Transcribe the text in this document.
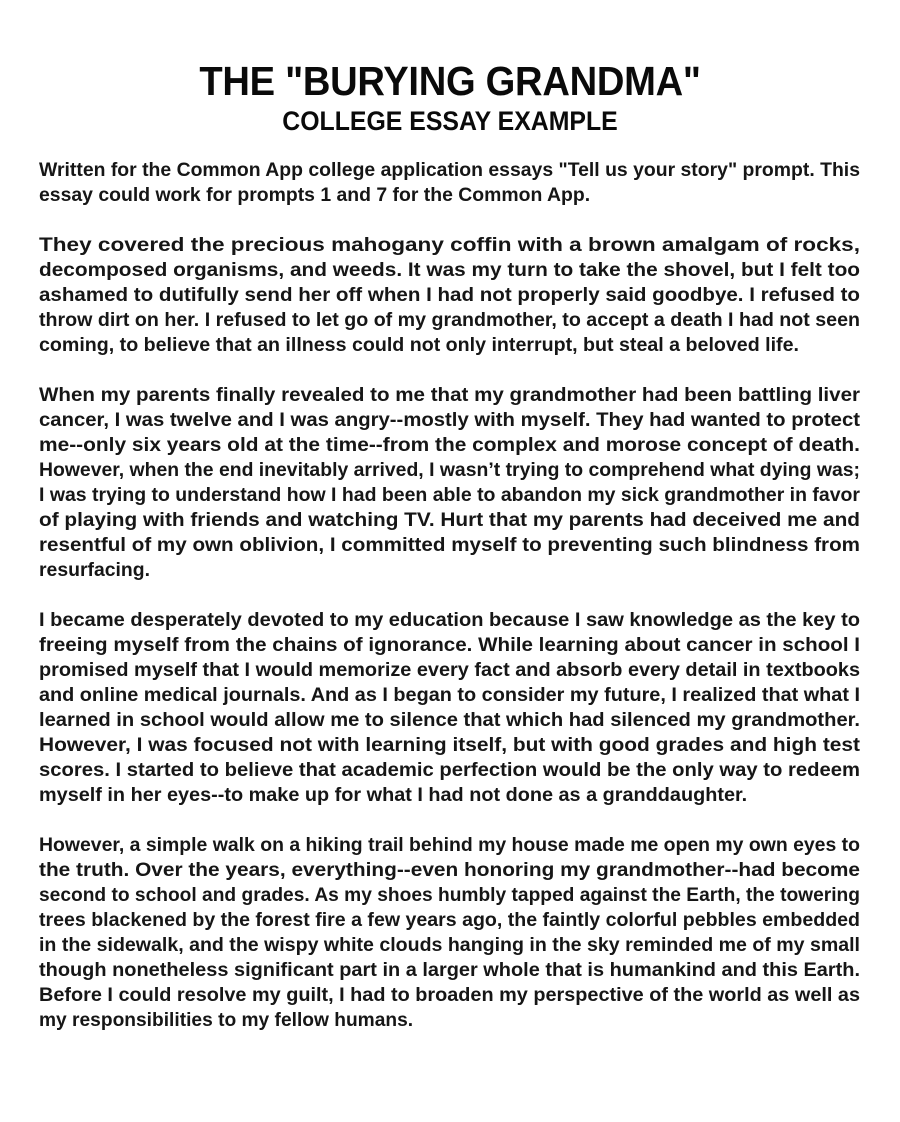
THE "BURYING GRANDMA"
COLLEGE ESSAY EXAMPLE
Written for the Common App college application essays "Tell us your story" prompt. This
essay could work for prompts 1 and 7 for the Common App.
They covered the precious mahogany coffin with a brown amalgam of rocks,
decomposed organisms, and weeds. It was my turn to take the shovel, but I felt too
ashamed to dutifully send her off when I had not properly said goodbye. I refused to
throw dirt on her. I refused to let go of my grandmother, to accept a death I had not seen
coming, to believe that an illness could not only interrupt, but steal a beloved life.
When my parents finally revealed to me that my grandmother had been battling liver
cancer, I was twelve and I was angry--mostly with myself. They had wanted to protect
me--only six years old at the time--from the complex and morose concept of death.
However, when the end inevitably arrived, I wasn’t trying to comprehend what dying was;
I was trying to understand how I had been able to abandon my sick grandmother in favor
of playing with friends and watching TV. Hurt that my parents had deceived me and
resentful of my own oblivion, I committed myself to preventing such blindness from
resurfacing.
I became desperately devoted to my education because I saw knowledge as the key to
freeing myself from the chains of ignorance. While learning about cancer in school I
promised myself that I would memorize every fact and absorb every detail in textbooks
and online medical journals. And as I began to consider my future, I realized that what I
learned in school would allow me to silence that which had silenced my grandmother.
However, I was focused not with learning itself, but with good grades and high test
scores. I started to believe that academic perfection would be the only way to redeem
myself in her eyes--to make up for what I had not done as a granddaughter.
However, a simple walk on a hiking trail behind my house made me open my own eyes to
the truth. Over the years, everything--even honoring my grandmother--had become
second to school and grades. As my shoes humbly tapped against the Earth, the towering
trees blackened by the forest fire a few years ago, the faintly colorful pebbles embedded
in the sidewalk, and the wispy white clouds hanging in the sky reminded me of my small
though nonetheless significant part in a larger whole that is humankind and this Earth.
Before I could resolve my guilt, I had to broaden my perspective of the world as well as
my responsibilities to my fellow humans.
